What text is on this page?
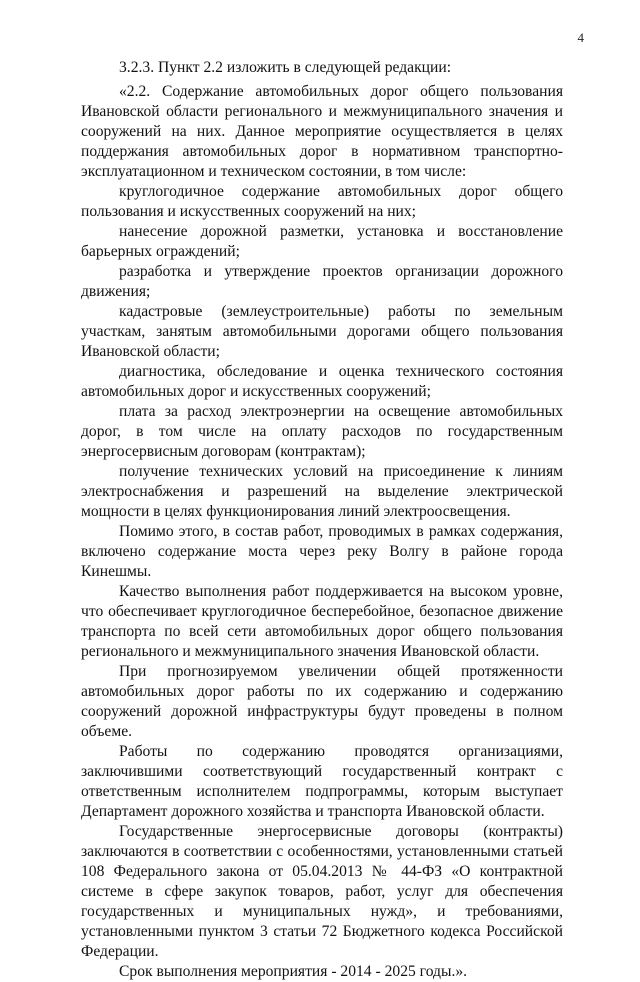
4

3.2.3. Пункт 2.2 изложить в следующей редакции:

«2.2. Содержание автомобильных дорог общего пользования Ивановской области регионального и межмуниципального значения и сооружений на них. Данное мероприятие осуществляется в целях поддержания автомобильных дорог в нормативном транспортно-эксплуатационном и техническом состоянии, в том числе:

круглогодичное содержание автомобильных дорог общего пользования и искусственных сооружений на них;

нанесение дорожной разметки, установка и восстановление барьерных ограждений;

разработка и утверждение проектов организации дорожного движения;

кадастровые (землеустроительные) работы по земельным участкам, занятым автомобильными дорогами общего пользования Ивановской области;

диагностика, обследование и оценка технического состояния автомобильных дорог и искусственных сооружений;

плата за расход электроэнергии на освещение автомобильных дорог, в том числе на оплату расходов по государственным энергосервисным договорам (контрактам);

получение технических условий на присоединение к линиям электроснабжения и разрешений на выделение электрической мощности в целях функционирования линий электроосвещения.

Помимо этого, в состав работ, проводимых в рамках содержания, включено содержание моста через реку Волгу в районе города Кинешмы.

Качество выполнения работ поддерживается на высоком уровне, что обеспечивает круглогодичное бесперебойное, безопасное движение транспорта по всей сети автомобильных дорог общего пользования регионального и межмуниципального значения Ивановской области.

При прогнозируемом увеличении общей протяженности автомобильных дорог работы по их содержанию и содержанию сооружений дорожной инфраструктуры будут проведены в полном объеме.

Работы по содержанию проводятся организациями, заключившими соответствующий государственный контракт с ответственным исполнителем подпрограммы, которым выступает Департамент дорожного хозяйства и транспорта Ивановской области.

Государственные энергосервисные договоры (контракты) заключаются в соответствии с особенностями, установленными статьей 108 Федерального закона от 05.04.2013 № 44-ФЗ «О контрактной системе в сфере закупок товаров, работ, услуг для обеспечения государственных и муниципальных нужд», и требованиями, установленными пунктом 3 статьи 72 Бюджетного кодекса Российской Федерации.

Срок выполнения мероприятия - 2014 - 2025 годы.».
